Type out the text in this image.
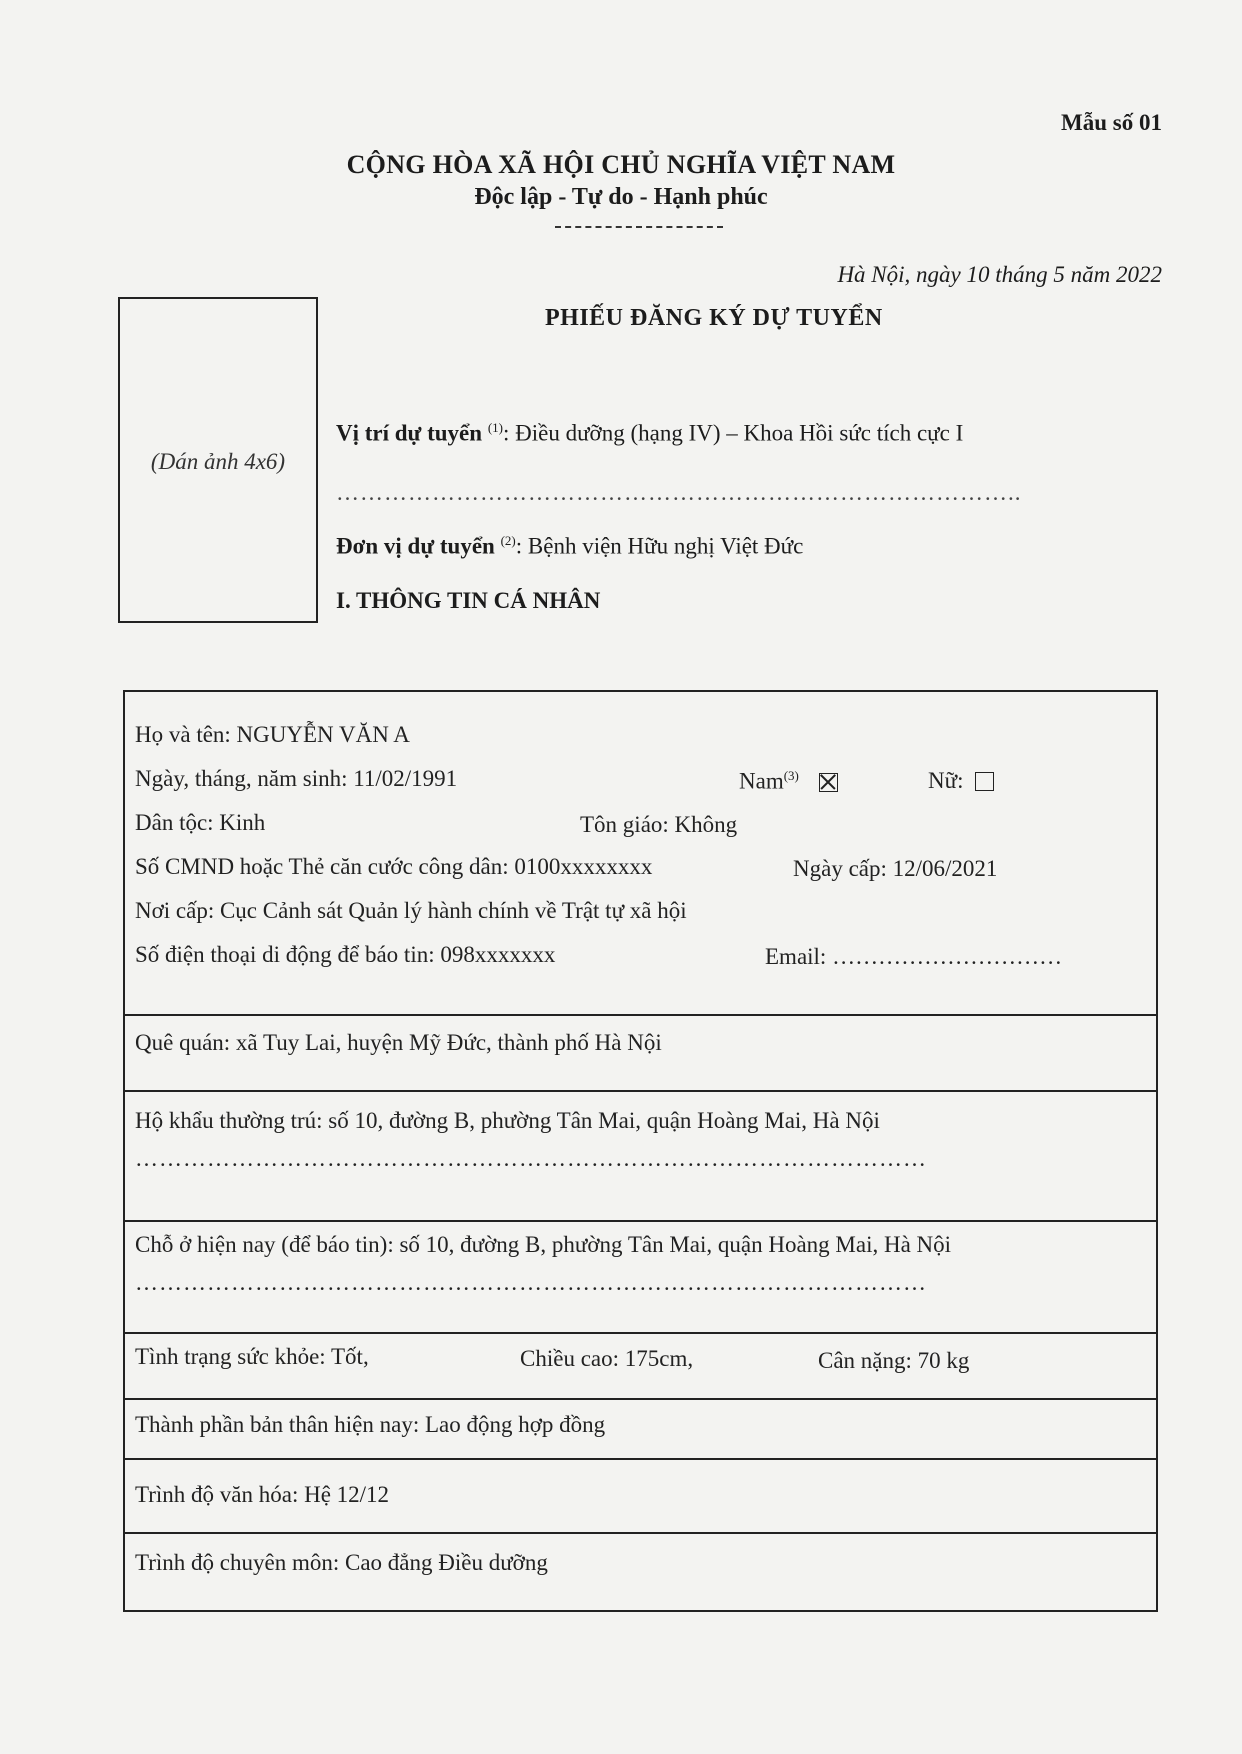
Mẫu số 01
CỘNG HÒA XÃ HỘI CHỦ NGHĨA VIỆT NAM
Độc lập - Tự do - Hạnh phúc
Hà Nội, ngày 10 tháng 5 năm 2022
PHIẾU ĐĂNG KÝ DỰ TUYỂN
(Dán ảnh 4x6)
Vị trí dự tuyển $^{(1)}$: Điều dưỡng (hạng IV) – Khoa Hồi sức tích cực I
…………………………………………………………………………..
Đơn vị dự tuyển $^{(2)}$: Bệnh viện Hữu nghị Việt Đức
I. THÔNG TIN CÁ NHÂN
Họ và tên: NGUYỄN VĂN A
Ngày, tháng, năm sinh: 11/02/1991	Nam$^{(3)}$	Nữ:
Dân tộc: Kinh	Tôn giáo: Không
Số CMND hoặc Thẻ căn cước công dân: 0100xxxxxxxx	Ngày cấp: 12/06/2021
Nơi cấp: Cục Cảnh sát Quản lý hành chính về Trật tự xã hội
Số điện thoại di động để báo tin: 098xxxxxxx	Email: …………………………
Quê quán: xã Tuy Lai, huyện Mỹ Đức, thành phố Hà Nội
Hộ khẩu thường trú: số 10, đường B, phường Tân Mai, quận Hoàng Mai, Hà Nội
………………………………………………………………………………………
Chỗ ở hiện nay (để báo tin): số 10, đường B, phường Tân Mai, quận Hoàng Mai, Hà Nội
………………………………………………………………………………………
Tình trạng sức khỏe: Tốt,	Chiều cao: 175cm,	Cân nặng: 70 kg
Thành phần bản thân hiện nay: Lao động hợp đồng
Trình độ văn hóa: Hệ 12/12
Trình độ chuyên môn: Cao đẳng Điều dưỡng
